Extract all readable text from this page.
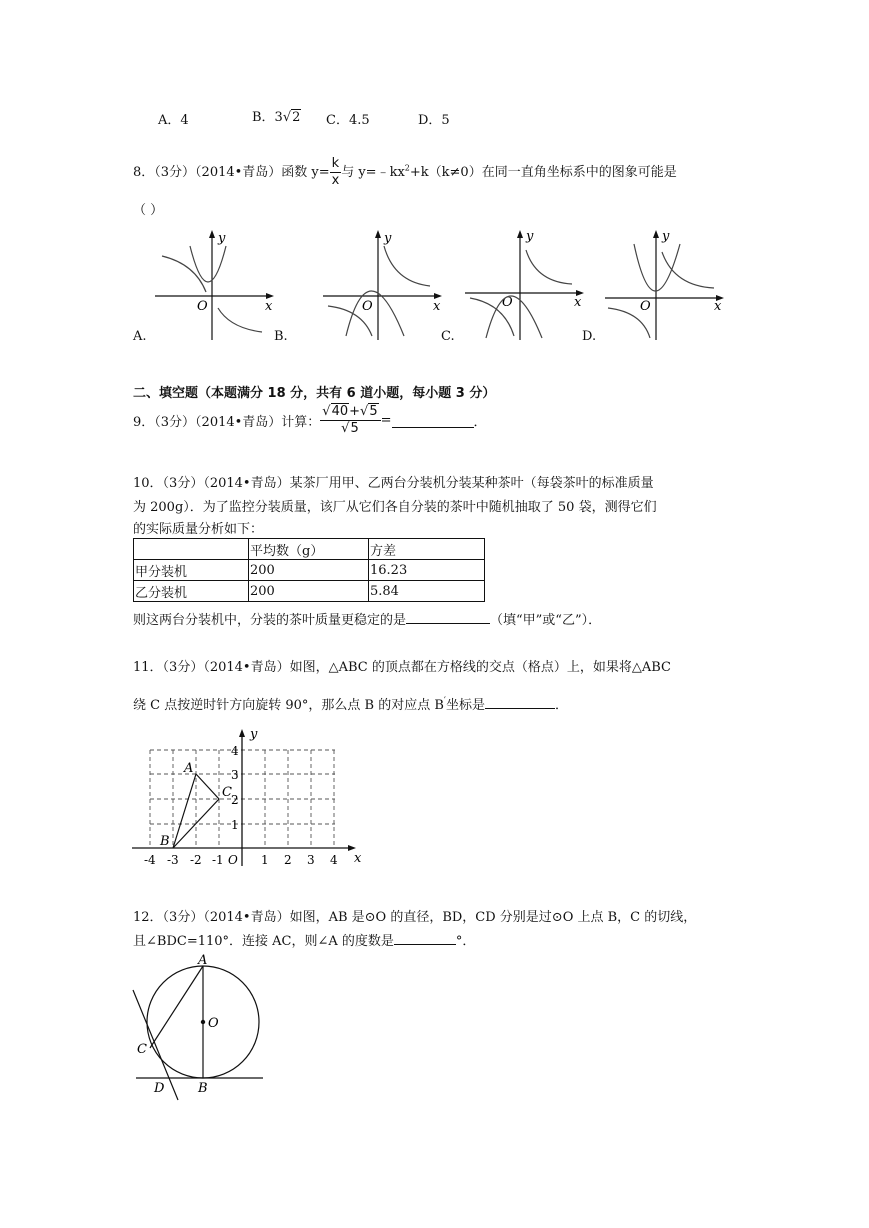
A．4	B．3√2 C．4.5	D．5
8．（3分）（2014•青岛）函数 $y= \frac{k}{x}$ 与 $y=﹣kx^2+k(k\ne 0)$在同一直角坐标系中的图象可能是
（ ）
y
x
O
y
x
O
y
x
O
y
x
O
A.	B.	C.	D.
二、填空题（本题满分 18 分，共有 6 道小题，每小题 3 分）
9．（3分）（2014•青岛）计算： $\frac{√40+√5}{√5}$ =	．
10．（3分）（2014•青岛）某茶厂用甲、乙两台分装机分装某种茶叶（每袋茶叶的标准质量
为 200g）．为了监控分装质量，该厂从它们各自分装的茶叶中随机抽取了 50 袋，测得它们
的实际质量分析如下：
	平均数（g）	方差
甲分装机	200	16.23
乙分装机	200	5.84
则这两台分装机中，分装的茶叶质量更稳定的是	（填“甲”或“乙”）．
11．（3分）（2014•青岛）如图，△ABC 的顶点都在方格线的交点（格点）上，如果将△ABC
绕 C 点按逆时针方向旋转 90°，那么点 B 的对应点 B′坐标是	．
y
x
O
-4 -3 -2 -1	1 2 3 4
1
2
3
4
A
B
C
12．（3分）（2014•青岛）如图，AB 是⊙O 的直径，BD，CD 分别是过⊙O 上点 B，C 的切线，
且∠BDC=110°．连接 AC，则∠A 的度数是	°．
A
O
C
D	B
